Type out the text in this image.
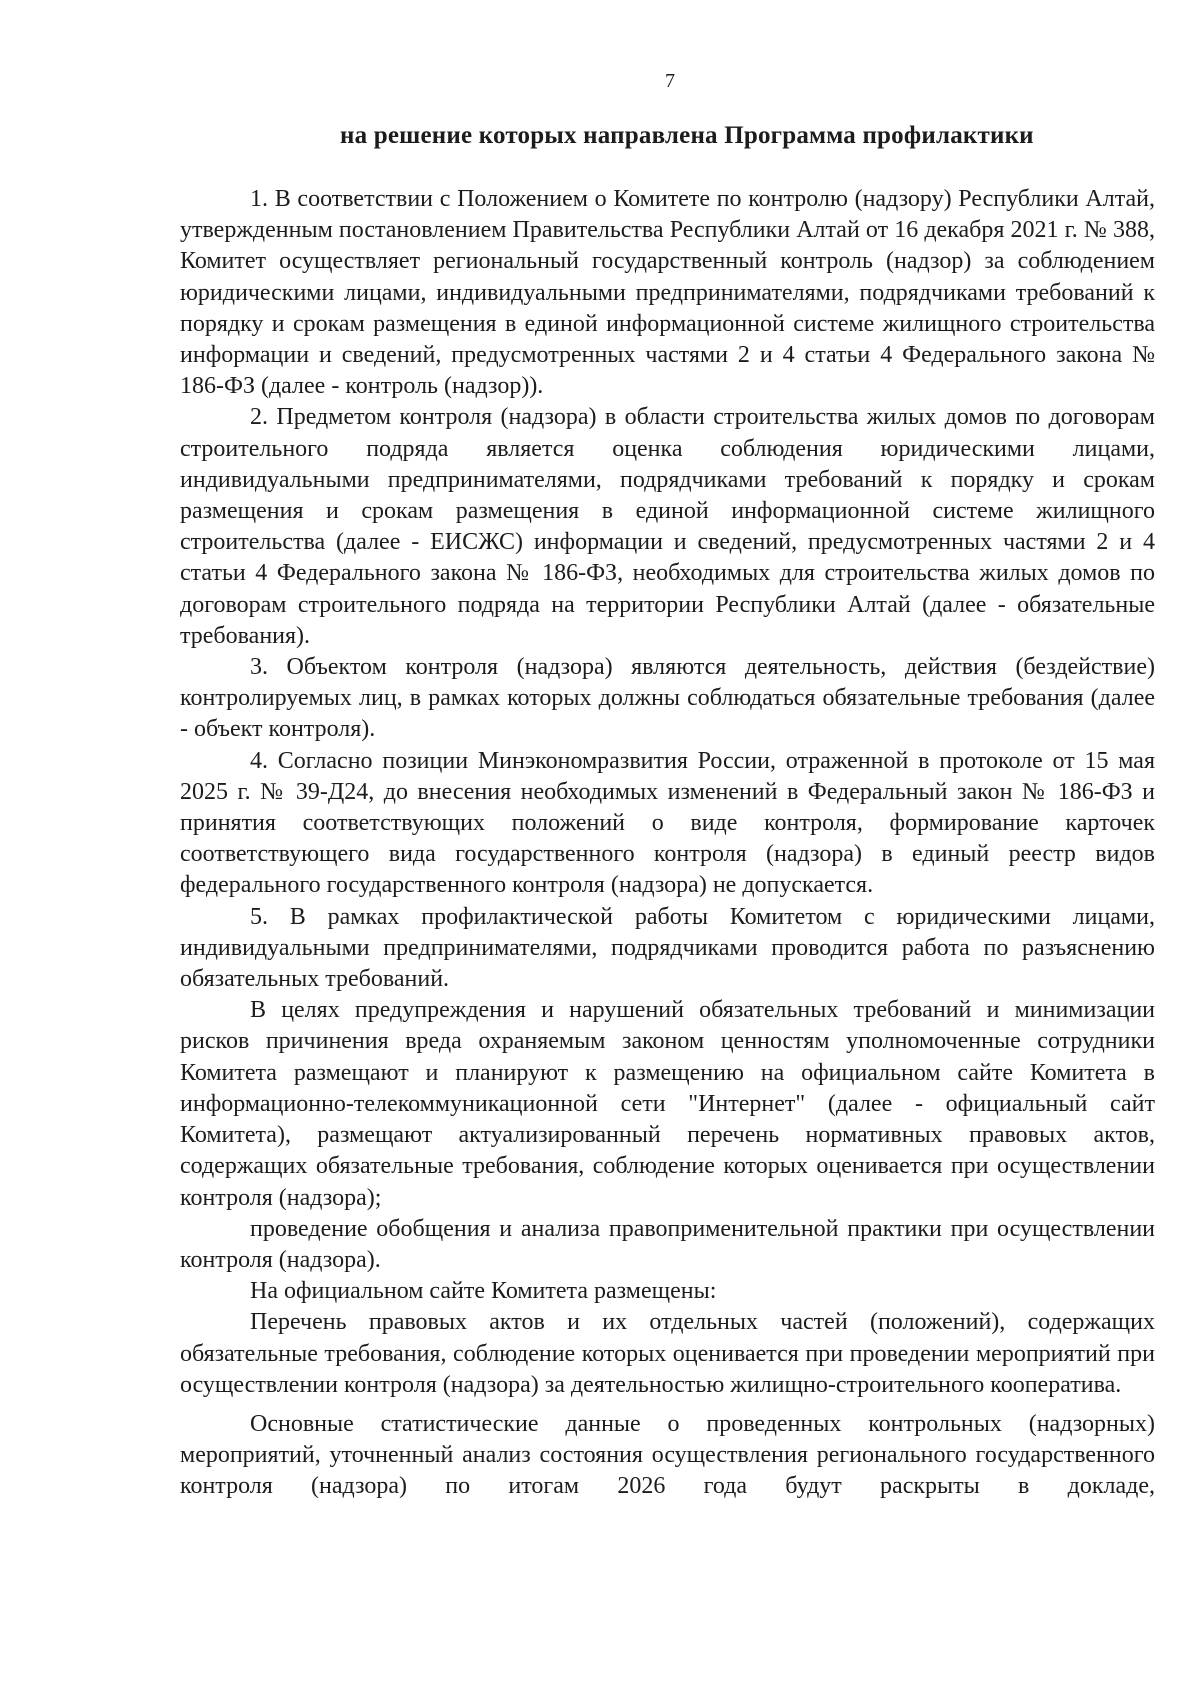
7
на решение которых направлена Программа профилактики

1. В соответствии с Положением о Комитете по контролю (надзору) Республики Алтай, утвержденным постановлением Правительства Республики Алтай от 16 декабря 2021 г. № 388, Комитет осуществляет региональный государственный контроль (надзор) за соблюдением юридическими лицами, индивидуальными предпринимателями, подрядчиками требований к порядку и срокам размещения в единой информационной системе жилищного строительства информации и сведений, предусмотренных частями 2 и 4 статьи 4 Федерального закона № 186-ФЗ (далее - контроль (надзор)).

2. Предметом контроля (надзора) в области строительства жилых домов по договорам строительного подряда является оценка соблюдения юридическими лицами, индивидуальными предпринимателями, подрядчиками требований к порядку и срокам размещения и срокам размещения в единой информационной системе жилищного строительства (далее - ЕИСЖС) информации и сведений, предусмотренных частями 2 и 4 статьи 4 Федерального закона № 186-ФЗ, необходимых для строительства жилых домов по договорам строительного подряда на территории Республики Алтай (далее - обязательные требования).

3. Объектом контроля (надзора) являются деятельность, действия (бездействие) контролируемых лиц, в рамках которых должны соблюдаться обязательные требования (далее - объект контроля).

4. Согласно позиции Минэкономразвития России, отраженной в протоколе от 15 мая 2025 г. № 39-Д24, до внесения необходимых изменений в Федеральный закон № 186-ФЗ и принятия соответствующих положений о виде контроля, формирование карточек соответствующего вида государственного контроля (надзора) в единый реестр видов федерального государственного контроля (надзора) не допускается.

5. В рамках профилактической работы Комитетом с юридическими лицами, индивидуальными предпринимателями, подрядчиками проводится работа по разъяснению обязательных требований.

В целях предупреждения и нарушений обязательных требований и минимизации рисков причинения вреда охраняемым законом ценностям уполномоченные сотрудники Комитета размещают и планируют к размещению на официальном сайте Комитета в информационно-телекоммуникационной сети "Интернет" (далее - официальный сайт Комитета), размещают актуализированный перечень нормативных правовых актов, содержащих обязательные требования, соблюдение которых оценивается при осуществлении контроля (надзора);

проведение обобщения и анализа правоприменительной практики при осуществлении контроля (надзора).

На официальном сайте Комитета размещены:

Перечень правовых актов и их отдельных частей (положений), содержащих обязательные требования, соблюдение которых оценивается при проведении мероприятий при осуществлении контроля (надзора) за деятельностью жилищно-строительного кооператива.

Основные статистические данные о проведенных контрольных (надзорных) мероприятий, уточненный анализ состояния осуществления регионального государственного контроля (надзора) по итогам 2026 года будут раскрыты в докладе,
